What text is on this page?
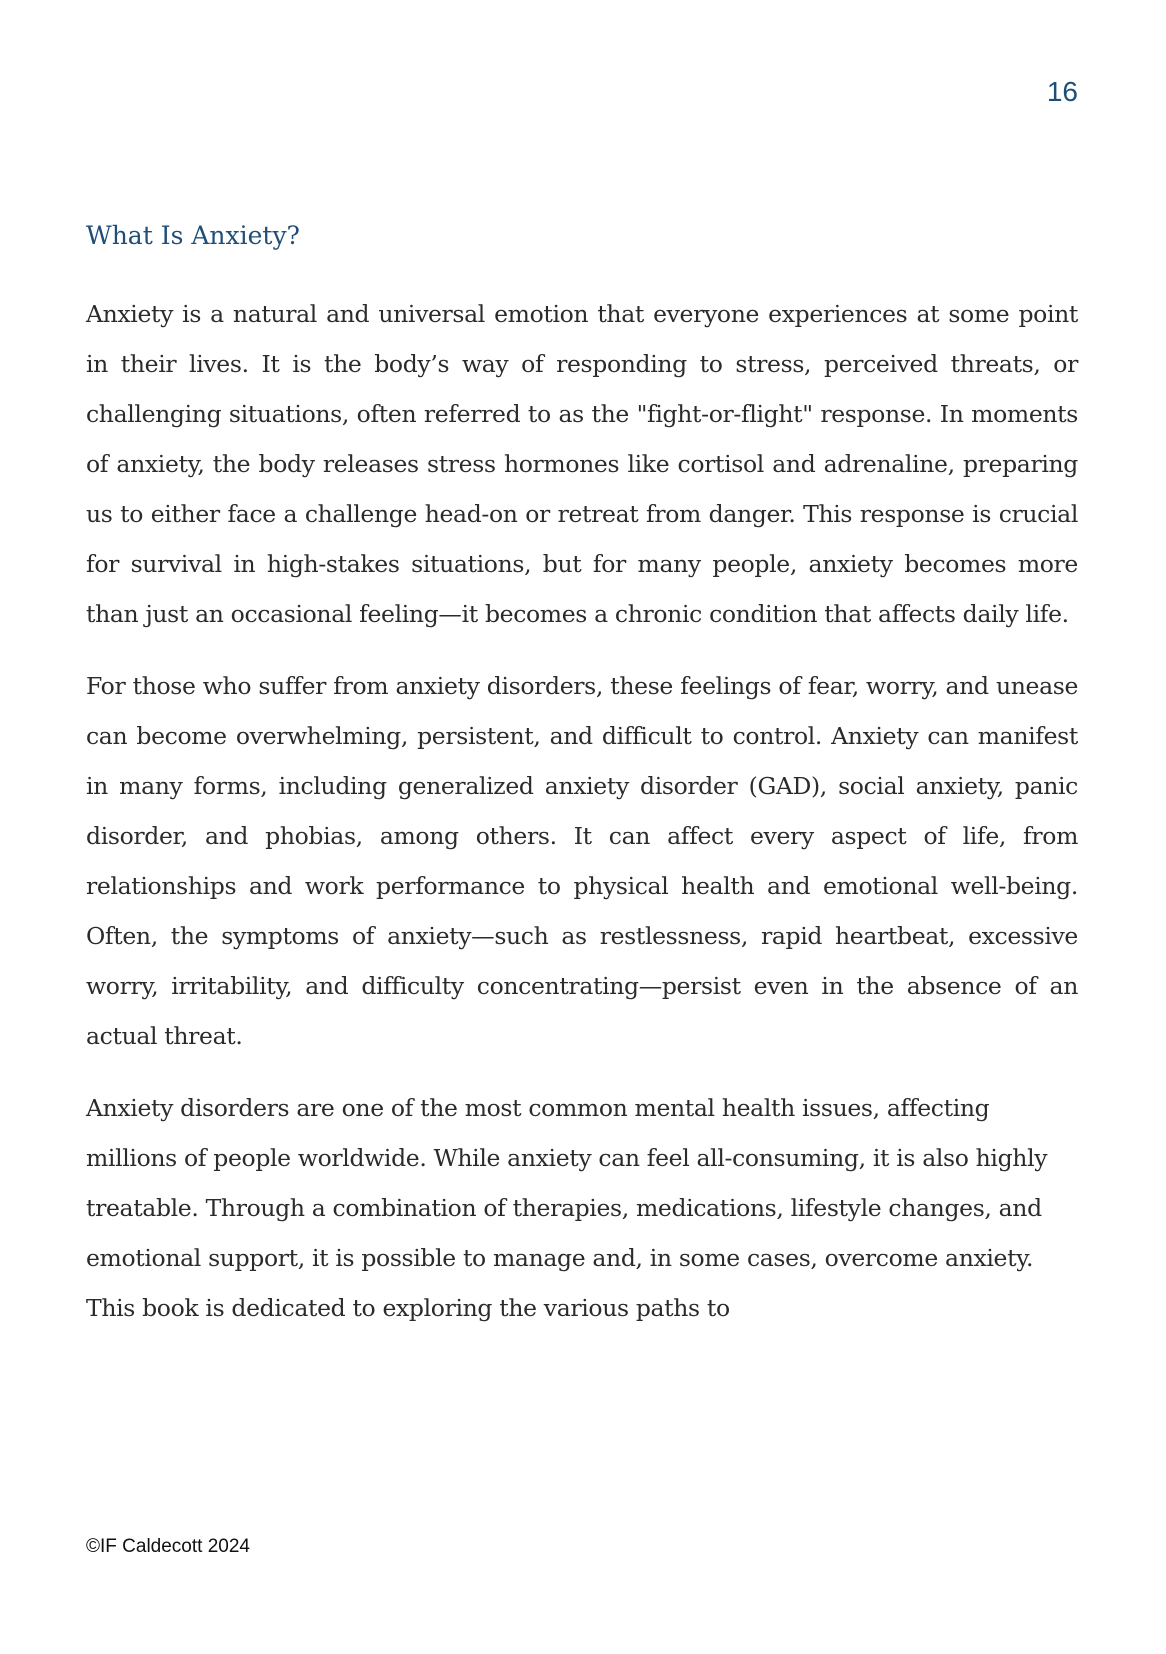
16

What Is Anxiety?

Anxiety is a natural and universal emotion that everyone experiences at some point in their lives. It is the body’s way of responding to stress, perceived threats, or challenging situations, often referred to as the "fight-or-flight" response. In moments of anxiety, the body releases stress hormones like cortisol and adrenaline, preparing us to either face a challenge head-on or retreat from danger. This response is crucial for survival in high-stakes situations, but for many people, anxiety becomes more than just an occasional feeling—it becomes a chronic condition that affects daily life.

For those who suffer from anxiety disorders, these feelings of fear, worry, and unease can become overwhelming, persistent, and difficult to control. Anxiety can manifest in many forms, including generalized anxiety disorder (GAD), social anxiety, panic disorder, and phobias, among others. It can affect every aspect of life, from relationships and work performance to physical health and emotional well-being. Often, the symptoms of anxiety—such as restlessness, rapid heartbeat, excessive worry, irritability, and difficulty concentrating—persist even in the absence of an actual threat.

Anxiety disorders are one of the most common mental health issues, affecting millions of people worldwide. While anxiety can feel all-consuming, it is also highly treatable. Through a combination of therapies, medications, lifestyle changes, and emotional support, it is possible to manage and, in some cases, overcome anxiety. This book is dedicated to exploring the various paths to

©IF Caldecott 2024
